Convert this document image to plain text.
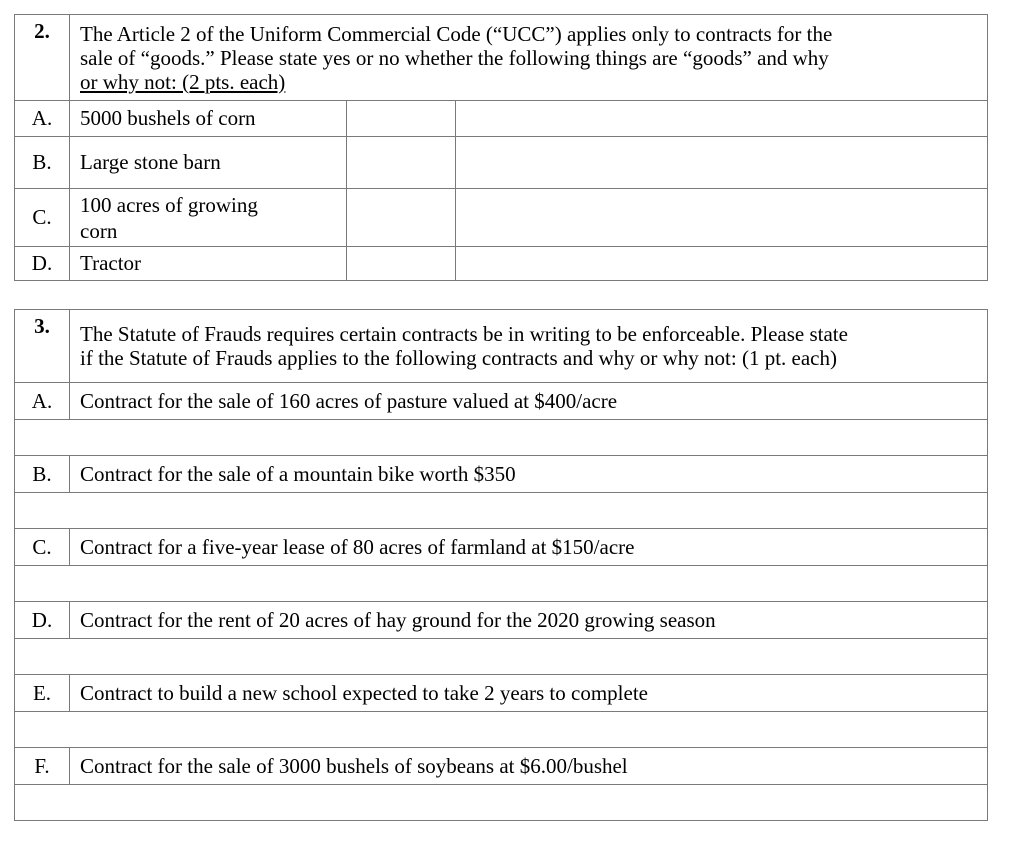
2.	The Article 2 of the Uniform Commercial Code (“UCC”) applies only to contracts for the
sale of “goods.” Please state yes or no whether the following things are “goods” and why
or why not: (2 pts. each)		

A.	5000 bushels of corn		
B.	Large stone barn		
C.	100 acres of growing
corn		

D.	Tractor		
3.	The Statute of Frauds requires certain contracts be in writing to be enforceable. Please state
if the Statute of Frauds applies to the following contracts and why or why not: (1 pt. each)

A.	Contract for the sale of 160 acres of pasture valued at $400/acre

B.	Contract for the sale of a mountain bike worth $350

C.	Contract for a five-year lease of 80 acres of farmland at $150/acre

D.	Contract for the rent of 20 acres of hay ground for the 2020 growing season

E.	Contract to build a new school expected to take 2 years to complete

F.	Contract for the sale of 3000 bushels of soybeans at $6.00/bushel
